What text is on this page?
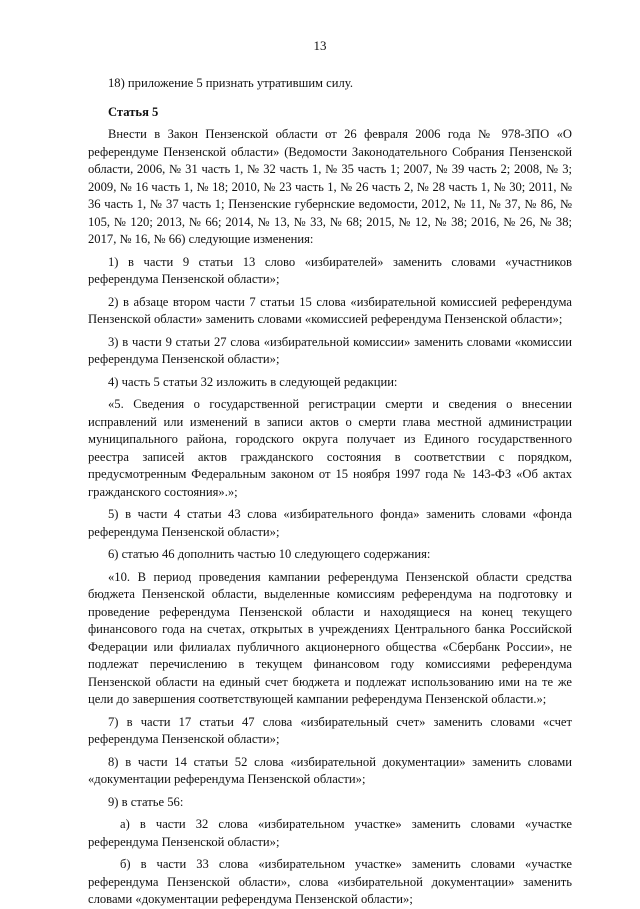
13

18) приложение 5 признать утратившим силу.

Статья 5

Внести в Закон Пензенской области от 26 февраля 2006 года № 978-ЗПО «О референдуме Пензенской области» (Ведомости Законодательного Собрания Пензенской области, 2006, № 31 часть 1, № 32 часть 1, № 35 часть 1; 2007, № 39 часть 2; 2008, № 3; 2009, № 16 часть 1, № 18; 2010, № 23 часть 1, № 26 часть 2, № 28 часть 1, № 30; 2011, № 36 часть 1, № 37 часть 1; Пензенские губернские ведомости, 2012, № 11, № 37, № 86, № 105, № 120; 2013, № 66; 2014, № 13, № 33, № 68; 2015, № 12, № 38; 2016, № 26, № 38; 2017, № 16, № 66) следующие изменения:

1) в части 9 статьи 13 слово «избирателей» заменить словами «участников референдума Пензенской области»;

2) в абзаце втором части 7 статьи 15 слова «избирательной комиссией референдума Пензенской области» заменить словами «комиссией референдума Пензенской области»;

3) в части 9 статьи 27 слова «избирательной комиссии» заменить словами «комиссии референдума Пензенской области»;

4) часть 5 статьи 32 изложить в следующей редакции:

«5. Сведения о государственной регистрации смерти и сведения о внесении исправлений или изменений в записи актов о смерти глава местной администрации муниципального района, городского округа получает из Единого государственного реестра записей актов гражданского состояния в соответствии с порядком, предусмотренным Федеральным законом от 15 ноября 1997 года № 143-ФЗ «Об актах гражданского состояния».»;

5) в части 4 статьи 43 слова «избирательного фонда» заменить словами «фонда референдума Пензенской области»;

6) статью 46 дополнить частью 10 следующего содержания:

«10. В период проведения кампании референдума Пензенской области средства бюджета Пензенской области, выделенные комиссиям референдума на подготовку и проведение референдума Пензенской области и находящиеся на конец текущего финансового года на счетах, открытых в учреждениях Центрального банка Российской Федерации или филиалах публичного акционерного общества «Сбербанк России», не подлежат перечислению в текущем финансовом году комиссиями референдума Пензенской области на единый счет бюджета и подлежат использованию ими на те же цели до завершения соответствующей кампании референдума Пензенской области.»;

7) в части 17 статьи 47 слова «избирательный счет» заменить словами «счет референдума Пензенской области»;

8) в части 14 статьи 52 слова «избирательной документации» заменить словами «документации референдума Пензенской области»;

9) в статье 56:

а) в части 32 слова «избирательном участке» заменить словами «участке референдума Пензенской области»;

б) в части 33 слова «избирательном участке» заменить словами «участке референдума Пензенской области», слова «избирательной документации» заменить словами «документации референдума Пензенской области»;
